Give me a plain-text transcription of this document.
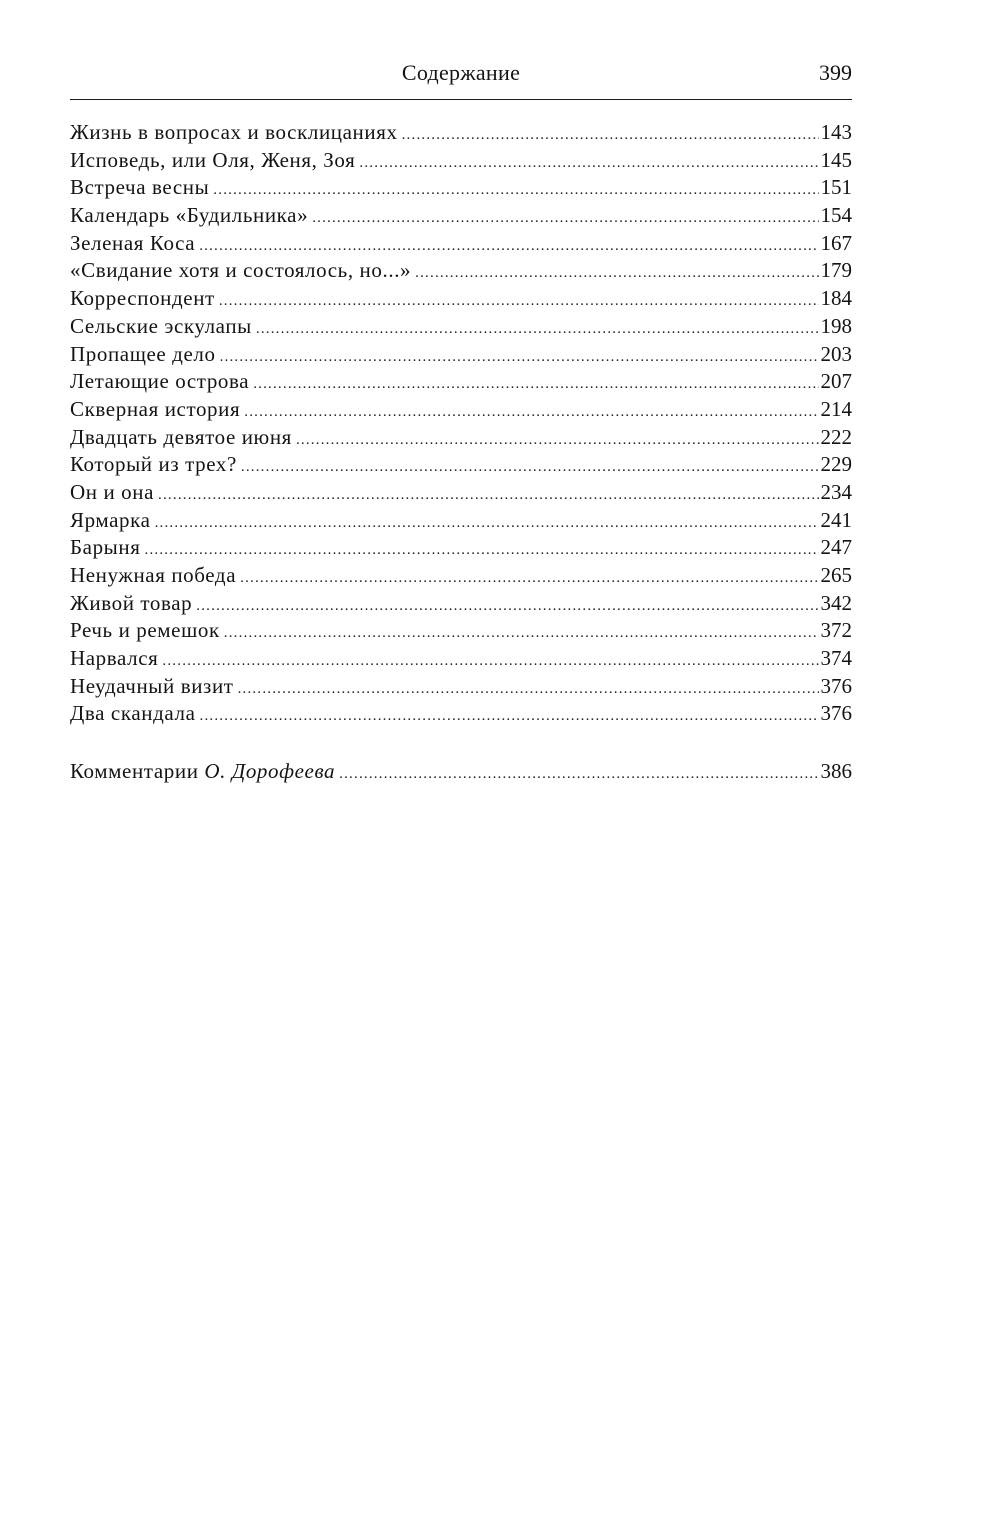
Содержание	399
Жизнь в вопросах и восклицаниях .....	143
Исповедь, или Оля, Женя, Зоя .....	145
Встреча весны .....	151
Календарь «Будильника» .....	154
Зеленая Коса .....	167
«Свидание хотя и состоялось, но...» .....	179
Корреспондент .....	184
Сельские эскулапы .....	198
Пропащее дело .....	203
Летающие острова .....	207
Скверная история .....	214
Двадцать девятое июня .....	222
Который из трех? .....	229
Он и она .....	234
Ярмарка .....	241
Барыня .....	247
Ненужная победа .....	265
Живой товар .....	342
Речь и ремешок .....	372
Нарвался .....	374
Неудачный визит .....	376
Два скандала .....	376
Комментарии О. Дорофеева .....	386
